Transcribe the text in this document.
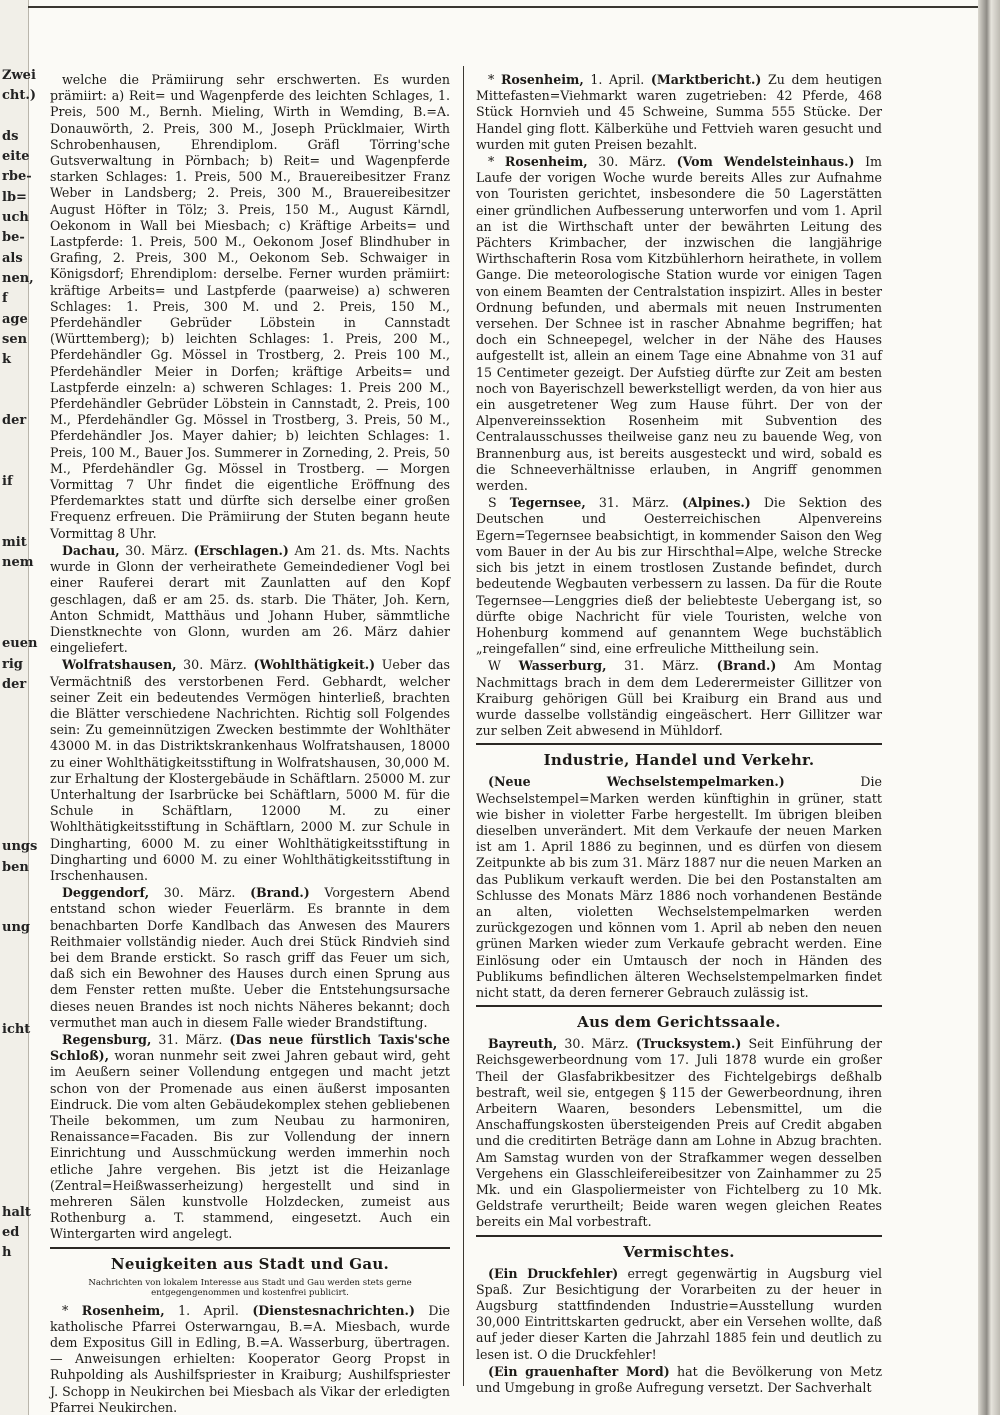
Zwei
cht.)

ds
eite
rbe-
lb=
uch
be-
als
nen,
f
age
sen
k

der

if

mit
nem

euen
rig
der

ungs
ben

ung

icht

halt
ed
h

welche die Prämiirung sehr erschwerten. Es wurden prämiirt: a) Reit= und Wagenpferde des leichten Schlages, 1. Preis, 500 M., Bernh. Mieling, Wirth in Wemding, B.=A. Donauwörth, 2. Preis, 300 M., Joseph Prücklmaier, Wirth Schrobenhausen, Ehrendiplom. Gräfl Törring'sche Gutsverwaltung in Pörnbach; b) Reit= und Wagenpferde starken Schlages: 1. Preis, 500 M., Brauereibesitzer Franz Weber in Landsberg; 2. Preis, 300 M., Brauereibesitzer August Höfter in Tölz; 3. Preis, 150 M., August Kärndl, Oekonom in Wall bei Miesbach; c) Kräftige Arbeits= und Lastpferde: 1. Preis, 500 M., Oekonom Josef Blindhuber in Grafing, 2. Preis, 300 M., Oekonom Seb. Schwaiger in Königsdorf; Ehrendiplom: derselbe. Ferner wurden prämiirt: kräftige Arbeits= und Lastpferde (paarweise) a) schweren Schlages: 1. Preis, 300 M. und 2. Preis, 150 M., Pferdehändler Gebrüder Löbstein in Cannstadt (Württemberg); b) leichten Schlages: 1. Preis, 200 M., Pferdehändler Gg. Mössel in Trostberg, 2. Preis 100 M., Pferdehändler Meier in Dorfen; kräftige Arbeits= und Lastpferde einzeln: a) schweren Schlages: 1. Preis 200 M., Pferdehändler Gebrüder Löbstein in Cannstadt, 2. Preis, 100 M., Pferdehändler Gg. Mössel in Trostberg, 3. Preis, 50 M., Pferdehändler Jos. Mayer dahier; b) leichten Schlages: 1. Preis, 100 M., Bauer Jos. Summerer in Zorneding, 2. Preis, 50 M., Pferdehändler Gg. Mössel in Trostberg. — Morgen Vormittag 7 Uhr findet die eigentliche Eröffnung des Pferdemarktes statt und dürfte sich derselbe einer großen Frequenz erfreuen. Die Prämiirung der Stuten begann heute Vormittag 8 Uhr.

Dachau, 30. März. (Erschlagen.) Am 21. ds. Mts. Nachts wurde in Glonn der verheirathete Gemeindediener Vogl bei einer Rauferei derart mit Zaunlatten auf den Kopf geschlagen, daß er am 25. ds. starb. Die Thäter, Joh. Kern, Anton Schmidt, Matthäus und Johann Huber, sämmtliche Dienstknechte von Glonn, wurden am 26. März dahier eingeliefert.

Wolfratshausen, 30. März. (Wohlthätigkeit.) Ueber das Vermächtniß des verstorbenen Ferd. Gebhardt, welcher seiner Zeit ein bedeutendes Vermögen hinterließ, brachten die Blätter verschiedene Nachrichten. Richtig soll Folgendes sein: Zu gemeinnützigen Zwecken bestimmte der Wohlthäter 43000 M. in das Distriktskrankenhaus Wolfratshausen, 18000 zu einer Wohlthätigkeitsstiftung in Wolfratshausen, 30,000 M. zur Erhaltung der Klostergebäude in Schäftlarn. 25000 M. zur Unterhaltung der Isarbrücke bei Schäftlarn, 5000 M. für die Schule in Schäftlarn, 12000 M. zu einer Wohlthätigkeitsstiftung in Schäftlarn, 2000 M. zur Schule in Dingharting, 6000 M. zu einer Wohlthätigkeitsstiftung in Dingharting und 6000 M. zu einer Wohlthätigkeitsstiftung in Irschenhausen.

Deggendorf, 30. März. (Brand.) Vorgestern Abend entstand schon wieder Feuerlärm. Es brannte in dem benachbarten Dorfe Kandlbach das Anwesen des Maurers Reithmaier vollständig nieder. Auch drei Stück Rindvieh sind bei dem Brande erstickt. So rasch griff das Feuer um sich, daß sich ein Bewohner des Hauses durch einen Sprung aus dem Fenster retten mußte. Ueber die Entstehungsursache dieses neuen Brandes ist noch nichts Näheres bekannt; doch vermuthet man auch in diesem Falle wieder Brandstiftung.

Regensburg, 31. März. (Das neue fürstlich Taxis'sche Schloß), woran nunmehr seit zwei Jahren gebaut wird, geht im Aeußern seiner Vollendung entgegen und macht jetzt schon von der Promenade aus einen äußerst imposanten Eindruck. Die vom alten Gebäudekomplex stehen gebliebenen Theile bekommen, um zum Neubau zu harmoniren, Renaissance=Facaden. Bis zur Vollendung der innern Einrichtung und Ausschmückung werden immerhin noch etliche Jahre vergehen. Bis jetzt ist die Heizanlage (Zentral=Heißwasserheizung) hergestellt und sind in mehreren Sälen kunstvolle Holzdecken, zumeist aus Rothenburg a. T. stammend, eingesetzt. Auch ein Wintergarten wird angelegt.

Neuigkeiten aus Stadt und Gau.
Nachrichten von lokalem Interesse aus Stadt und Gau werden stets gerne entgegengenommen und kostenfrei publicirt.

* Rosenheim, 1. April. (Dienstesnachrichten.) Die katholische Pfarrei Osterwarngau, B.=A. Miesbach, wurde dem Expositus Gill in Edling, B.=A. Wasserburg, übertragen. — Anweisungen erhielten: Kooperator Georg Propst in Ruhpolding als Aushilfspriester in Kraiburg; Aushilfspriester J. Schopp in Neukirchen bei Miesbach als Vikar der erledigten Pfarrei Neukirchen.

* Rosenheim, 1. April. (Marktbericht.) Zu dem heutigen Mittefasten=Viehmarkt waren zugetrieben: 42 Pferde, 468 Stück Hornvieh und 45 Schweine, Summa 555 Stücke. Der Handel ging flott. Kälberkühe und Fettvieh waren gesucht und wurden mit guten Preisen bezahlt.

* Rosenheim, 30. März. (Vom Wendelsteinhaus.) Im Laufe der vorigen Woche wurde bereits Alles zur Aufnahme von Touristen gerichtet, insbesondere die 50 Lagerstätten einer gründlichen Aufbesserung unterworfen und vom 1. April an ist die Wirthschaft unter der bewährten Leitung des Pächters Krimbacher, der inzwischen die langjährige Wirthschafterin Rosa vom Kitzbühlerhorn heirathete, in vollem Gange. Die meteorologische Station wurde vor einigen Tagen von einem Beamten der Centralstation inspizirt. Alles in bester Ordnung befunden, und abermals mit neuen Instrumenten versehen. Der Schnee ist in rascher Abnahme begriffen; hat doch ein Schneepegel, welcher in der Nähe des Hauses aufgestellt ist, allein an einem Tage eine Abnahme von 31 auf 15 Centimeter gezeigt. Der Aufstieg dürfte zur Zeit am besten noch von Bayerischzell bewerkstelligt werden, da von hier aus ein ausgetretener Weg zum Hause führt. Der von der Alpenvereinssektion Rosenheim mit Subvention des Centralausschusses theilweise ganz neu zu bauende Weg, von Brannenburg aus, ist bereits ausgesteckt und wird, sobald es die Schneeverhältnisse erlauben, in Angriff genommen werden.

S Tegernsee, 31. März. (Alpines.) Die Sektion des Deutschen und Oesterreichischen Alpenvereins Egern=Tegernsee beabsichtigt, in kommender Saison den Weg vom Bauer in der Au bis zur Hirschthal=Alpe, welche Strecke sich bis jetzt in einem trostlosen Zustande befindet, durch bedeutende Wegbauten verbessern zu lassen. Da für die Route Tegernsee—Lenggries dieß der beliebteste Uebergang ist, so dürfte obige Nachricht für viele Touristen, welche von Hohenburg kommend auf genanntem Wege buchstäblich „reingefallen“ sind, eine erfreuliche Mittheilung sein.

W Wasserburg, 31. März. (Brand.) Am Montag Nachmittags brach in dem dem Lederermeister Gillitzer von Kraiburg gehörigen Güll bei Kraiburg ein Brand aus und wurde dasselbe vollständig eingeäschert. Herr Gillitzer war zur selben Zeit abwesend in Mühldorf.

Industrie, Handel und Verkehr.

(Neue Wechselstempelmarken.)	Die Wechselstempel=Marken werden künftighin in grüner, statt wie bisher in violetter Farbe hergestellt. Im übrigen bleiben dieselben unverändert. Mit dem Verkaufe der neuen Marken ist am 1. April 1886 zu beginnen, und es dürfen von diesem Zeitpunkte ab bis zum 31. März 1887 nur die neuen Marken an das Publikum verkauft werden. Die bei den Postanstalten am Schlusse des Monats März 1886 noch vorhandenen Bestände an alten, violetten Wechselstempelmarken werden zurückgezogen und können vom 1. April ab neben den neuen grünen Marken wieder zum Verkaufe gebracht werden. Eine Einlösung oder ein Umtausch der noch in Händen des Publikums befindlichen älteren Wechselstempelmarken findet nicht statt, da deren fernerer Gebrauch zulässig ist.

Aus dem Gerichtssaale.

Bayreuth, 30. März. (Trucksystem.) Seit Einführung der Reichsgewerbeordnung vom 17. Juli 1878 wurde ein großer Theil der Glasfabrikbesitzer des Fichtelgebirgs deßhalb bestraft, weil sie, entgegen § 115 der Gewerbeordnung, ihren Arbeitern Waaren, besonders Lebensmittel, um die Anschaffungskosten übersteigenden Preis auf Credit abgaben und die creditirten Beträge dann am Lohne in Abzug brachten. Am Samstag wurden von der Strafkammer wegen desselben Vergehens ein Glasschleifereibesitzer von Zainhammer zu 25 Mk. und ein Glaspoliermeister von Fichtelberg zu 10 Mk. Geldstrafe verurtheilt; Beide waren wegen gleichen Reates bereits ein Mal vorbestraft.

Vermischtes.

(Ein Druckfehler) erregt gegenwärtig in Augsburg viel Spaß. Zur Besichtigung der Vorarbeiten zu der heuer in Augsburg stattfindenden Industrie=Ausstellung wurden 30,000 Eintrittskarten gedruckt, aber ein Versehen wollte, daß auf jeder dieser Karten die Jahrzahl 1885 fein und deutlich zu lesen ist. O die Druckfehler!

(Ein grauenhafter Mord) hat die Bevölkerung von Metz und Umgebung in große Aufregung versetzt. Der Sachverhalt
